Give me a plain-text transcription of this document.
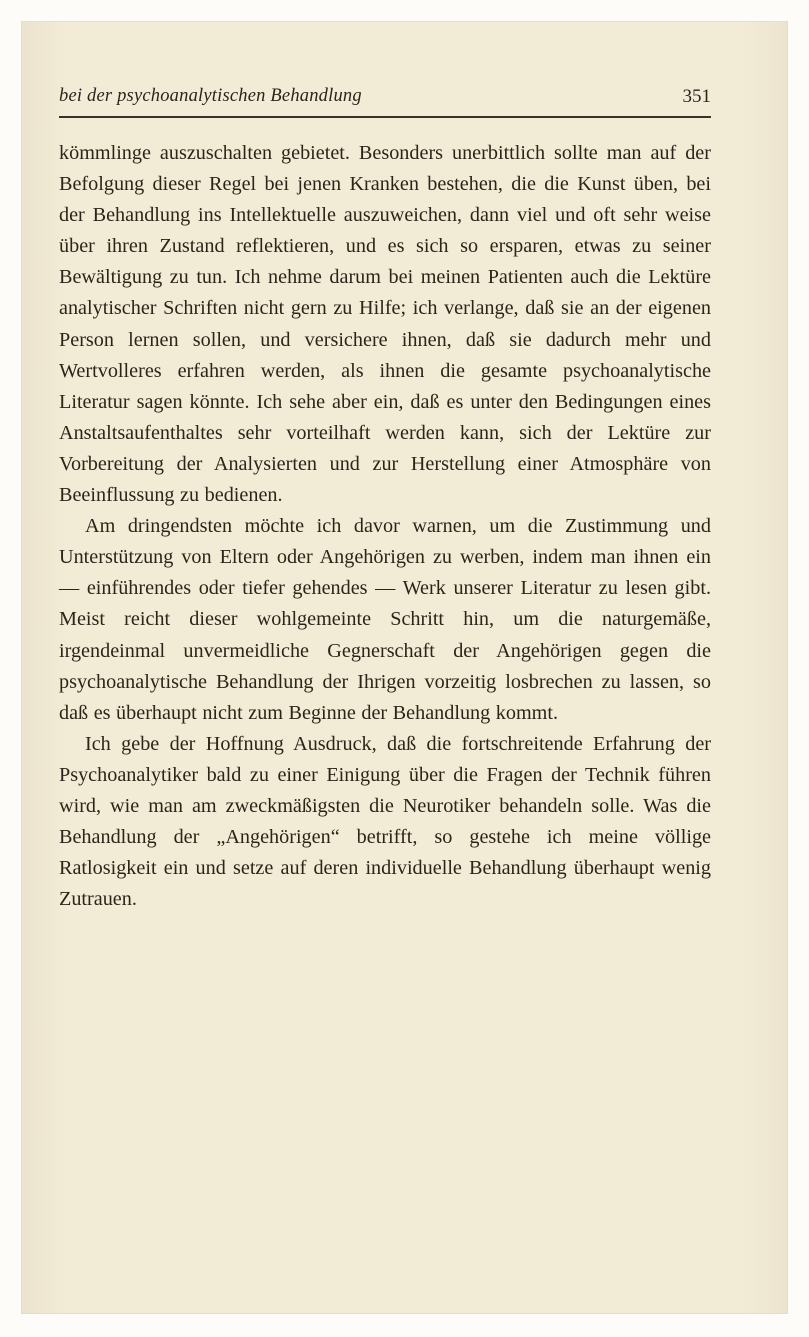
bei der psychoanalytischen Behandlung	351

kömmlinge auszuschalten gebietet. Besonders unerbittlich sollte man auf der Befolgung dieser Regel bei jenen Kranken bestehen, die die Kunst üben, bei der Behandlung ins Intellektuelle auszuweichen, dann viel und oft sehr weise über ihren Zustand reflektieren, und es sich so ersparen, etwas zu seiner Bewältigung zu tun. Ich nehme darum bei meinen Patienten auch die Lektüre analytischer Schriften nicht gern zu Hilfe; ich verlange, daß sie an der eigenen Person lernen sollen, und versichere ihnen, daß sie dadurch mehr und Wertvolleres erfahren werden, als ihnen die gesamte psychoanalytische Literatur sagen könnte. Ich sehe aber ein, daß es unter den Bedingungen eines Anstaltsaufenthaltes sehr vorteilhaft werden kann, sich der Lektüre zur Vorbereitung der Analysierten und zur Herstellung einer Atmosphäre von Beeinflussung zu bedienen.

Am dringendsten möchte ich davor warnen, um die Zustimmung und Unterstützung von Eltern oder Angehörigen zu werben, indem man ihnen ein — einführendes oder tiefer gehendes — Werk unserer Literatur zu lesen gibt. Meist reicht dieser wohlgemeinte Schritt hin, um die naturgemäße, irgendeinmal unvermeidliche Gegnerschaft der Angehörigen gegen die psychoanalytische Behandlung der Ihrigen vorzeitig losbrechen zu lassen, so daß es überhaupt nicht zum Beginne der Behandlung kommt.

Ich gebe der Hoffnung Ausdruck, daß die fortschreitende Erfahrung der Psychoanalytiker bald zu einer Einigung über die Fragen der Technik führen wird, wie man am zweckmäßigsten die Neurotiker behandeln solle. Was die Behandlung der „Angehörigen“ betrifft, so gestehe ich meine völlige Ratlosigkeit ein und setze auf deren individuelle Behandlung überhaupt wenig Zutrauen.
